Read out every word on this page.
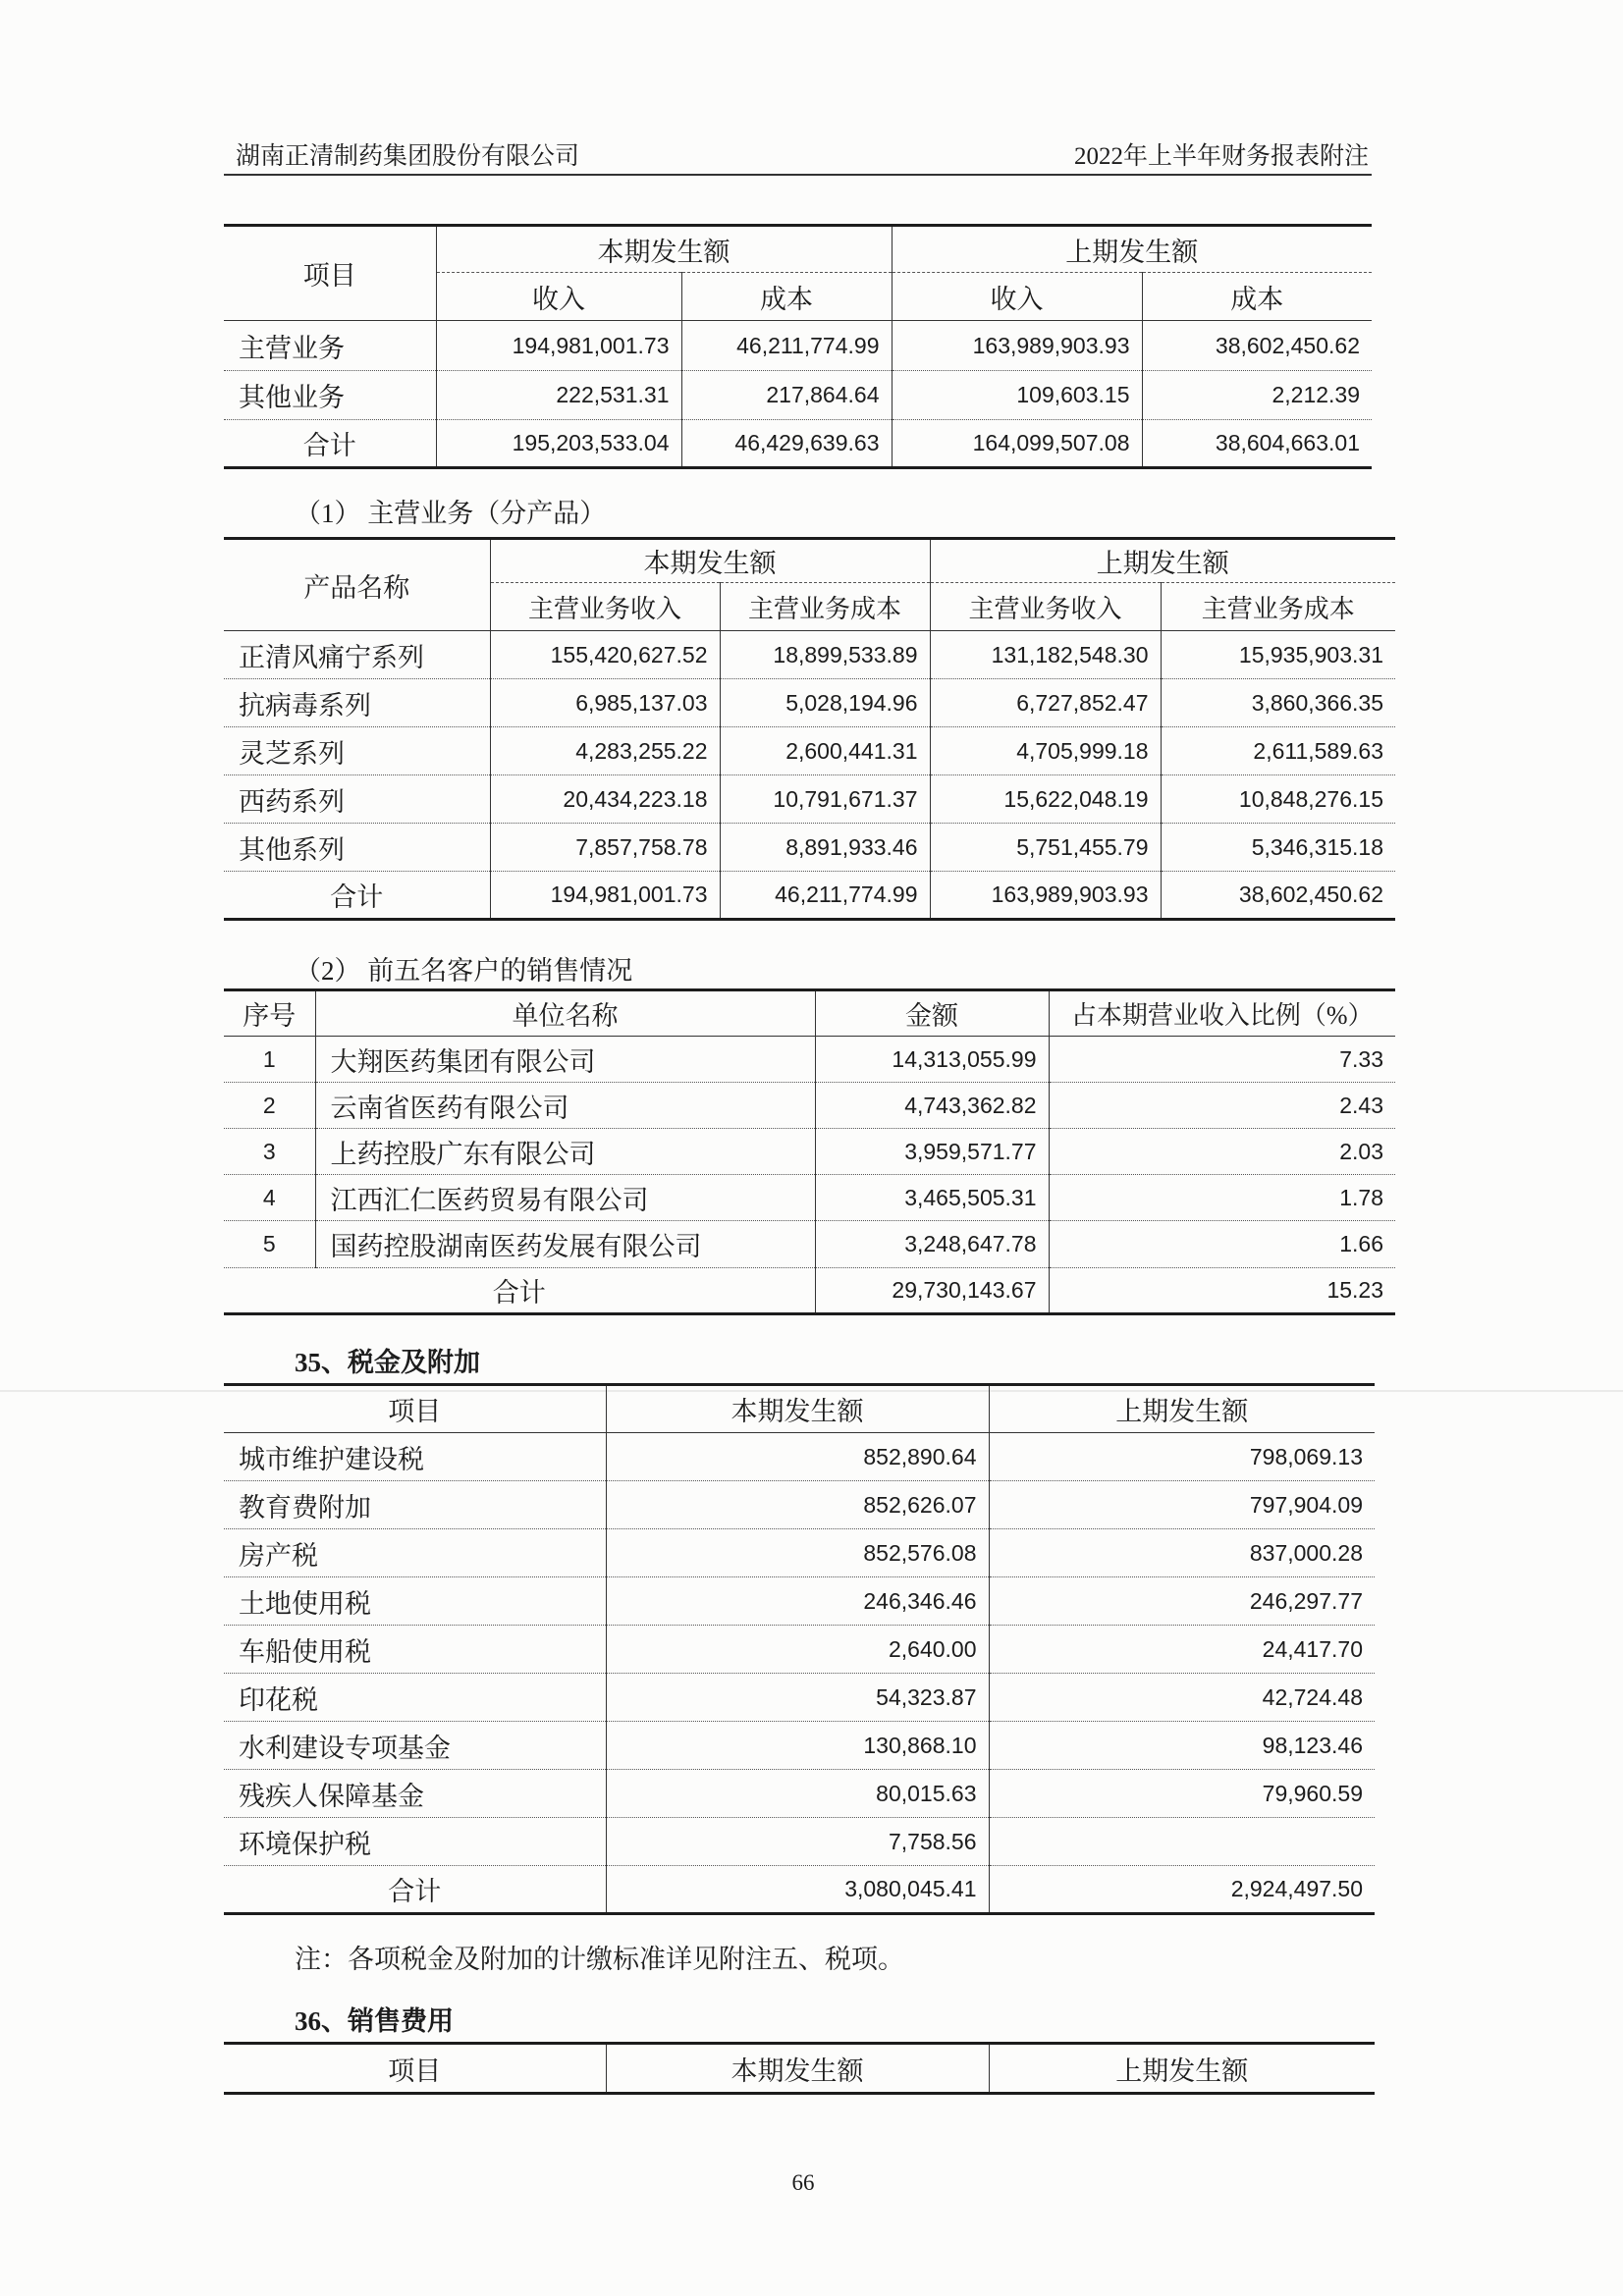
湖南正清制药集团股份有限公司	2022年上半年财务报表附注
项目	本期发生额		上期发生额	
	收入	成本	收入	成本
主营业务	194,981,001.73	46,211,774.99	163,989,903.93	38,602,450.62
其他业务	222,531.31	217,864.64	109,603.15	2,212.39
合计	195,203,533.04	46,429,639.63	164,099,507.08	38,604,663.01
（1） 主营业务（分产品）
产品名称	本期发生额		上期发生额	
	主营业务收入	主营业务成本	主营业务收入	主营业务成本
正清风痛宁系列	155,420,627.52	18,899,533.89	131,182,548.30	15,935,903.31
抗病毒系列	6,985,137.03	5,028,194.96	6,727,852.47	3,860,366.35
灵芝系列	4,283,255.22	2,600,441.31	4,705,999.18	2,611,589.63
西药系列	20,434,223.18	10,791,671.37	15,622,048.19	10,848,276.15
其他系列	7,857,758.78	8,891,933.46	5,751,455.79	5,346,315.18
合计	194,981,001.73	46,211,774.99	163,989,903.93	38,602,450.62
（2） 前五名客户的销售情况
序号	单位名称	金额	占本期营业收入比例（%）
1	大翔医药集团有限公司	14,313,055.99	7.33
2	云南省医药有限公司	4,743,362.82	2.43
3	上药控股广东有限公司	3,959,571.77	2.03
4	江西汇仁医药贸易有限公司	3,465,505.31	1.78
5	国药控股湖南医药发展有限公司	3,248,647.78	1.66
合计		29,730,143.67	15.23
35、税金及附加
项目	本期发生额	上期发生额
城市维护建设税	852,890.64	798,069.13
教育费附加	852,626.07	797,904.09
房产税	852,576.08	837,000.28
土地使用税	246,346.46	246,297.77
车船使用税	2,640.00	24,417.70
印花税	54,323.87	42,724.48
水利建设专项基金	130,868.10	98,123.46
残疾人保障基金	80,015.63	79,960.59
环境保护税	7,758.56	
合计	3,080,045.41	2,924,497.50
注：各项税金及附加的计缴标准详见附注五、税项。
36、销售费用
项目	本期发生额	上期发生额
66
